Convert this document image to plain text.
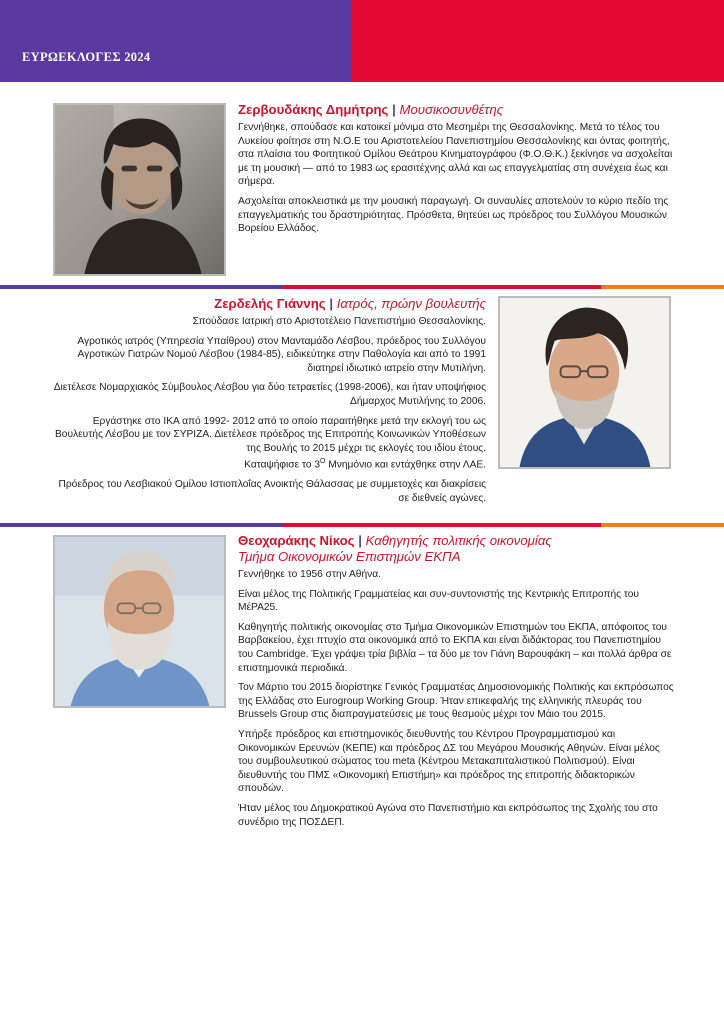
ΕΥΡΩΕΚΛΟΓΕΣ 2024
Ζερβουδάκης Δημήτρης | Μουσικοσυνθέτης

Γεννήθηκε, σπούδασε και κατοικεί μόνιμα στο Μεσημέρι της Θεσσαλονίκης. Μετά το τέλος του Λυκείου φοίτησε στη Ν.Ο.Ε του Αριστοτελείου Πανεπιστημίου Θεσσαλονίκης και όντας φοιτητής, στα πλαίσια του Φοιτητικού Ομίλου Θεάτρου Κινηματογράφου (Φ.Ο.Θ.Κ.) ξεκίνησε να ασχολείται με τη μουσική — από το 1983 ως ερασιτέχνης αλλά και ως επαγγελματίας στη συνέχεια έως και σήμερα.

Ασχολείται αποκλειστικά με την μουσική παραγωγή. Οι συναυλίες αποτελούν το κύριο πεδίο της επαγγελματικής του δραστηριότητας. Πρόσθετα, θητεύει ως πρόεδρος του Συλλόγου Μουσικών Βορείου Ελλάδος.

Ζερδελής Γιάννης | Ιατρός, πρώην βουλευτής

Σπούδασε Ιατρική στο Αριστοτέλειο Πανεπιστήμιο Θεσσαλονίκης.

Αγροτικός ιατρός (Υπηρεσία Υπαίθρου) στον Μανταμάδο Λέσβου, πρόεδρος του Συλλόγου Αγροτικών Γιατρών Νομού Λέσβου (1984-85), ειδικεύτηκε στην Παθολογία και από το 1991 διατηρεί ιδιωτικό ιατρείο στην Μυτιλήνη.

Διετέλεσε Νομαρχιακός Σύμβουλος Λέσβου για δύο τετραετίες (1998-2006), και ήταν υποψήφιος Δήμαρχος Μυτιλήνης το 2006.

Εργάστηκε στο ΙΚΑ από 1992- 2012 από το οποίο παραιτήθηκε μετά την εκλογή του ως Βουλευτής Λέσβου με τον ΣΥΡΙΖΑ. Διετέλεσε πρόεδρος της Επιτροπής Κοινωνικών Υποθέσεων της Βουλής το 2015 μέχρι τις εκλογές του ιδίου έτους.

Καταψήφισε το $3^O$ Μνημόνιο και εντάχθηκε στην ΛΑΕ.

Πρόεδρος του Λεσβιακού Ομίλου Ιστιοπλοΐας Ανοικτής Θάλασσας με συμμετοχές και διακρίσεις σε διεθνείς αγώνες.

Θεοχαράκης Νίκος | Καθηγητής πολιτικής οικονομίας
Τμήμα Οικονομικών Επιστημών ΕΚΠΑ

Γεννήθηκε το 1956 στην Αθήνα.

Είναι μέλος της Πολιτικής Γραμματείας και συν-συντονιστής της Κεντρικής Επιτροπής του ΜέΡΑ25.

Καθηγητής πολιτικής οικονομίας στο Τμήμα Οικονομικών Επιστημών του ΕΚΠΑ, απόφοιτος του Βαρβακείου, έχει πτυχίο στα οικονομικά από το ΕΚΠΑ και είναι διδάκτορας του Πανεπιστημίου του Cambridge. Έχει γράψει τρία βιβλία – τα δύο με τον Γιάνη Βαρουφάκη – και πολλά άρθρα σε επιστημονικά περιοδικά.

Τον Μάρτιο του 2015 διορίστηκε Γενικός Γραμματέας Δημοσιονομικής Πολιτικής και εκπρόσωπος της Ελλάδας στο Eurogroup Working Group. Ήταν επικεφαλής της ελληνικής πλευράς του Brussels Group στις διαπραγματεύσεις με τους θεσμούς μέχρι τον Μάιο του 2015.

Υπήρξε πρόεδρος και επιστημονικός διευθυντής του Κέντρου Προγραμματισμού και Οικονομικών Ερευνών (ΚΕΠΕ) και πρόεδρος ΔΣ του Μεγάρου Μουσικής Αθηνών. Είναι μέλος του συμβουλευτικού σώματος του meta (Κέντρου Μετακαπιταλιστικού Πολιτισμού). Είναι διευθυντής του ΠΜΣ «Οικονομική Επιστήμη» και πρόεδρος της επιτροπής διδακτορικών σπουδών.

Ήταν μέλος του Δημοκρατικού Αγώνα στο Πανεπιστήμιο και εκπρόσωπος της Σχολής του στο συνέδριο της ΠΟΣΔΕΠ.
